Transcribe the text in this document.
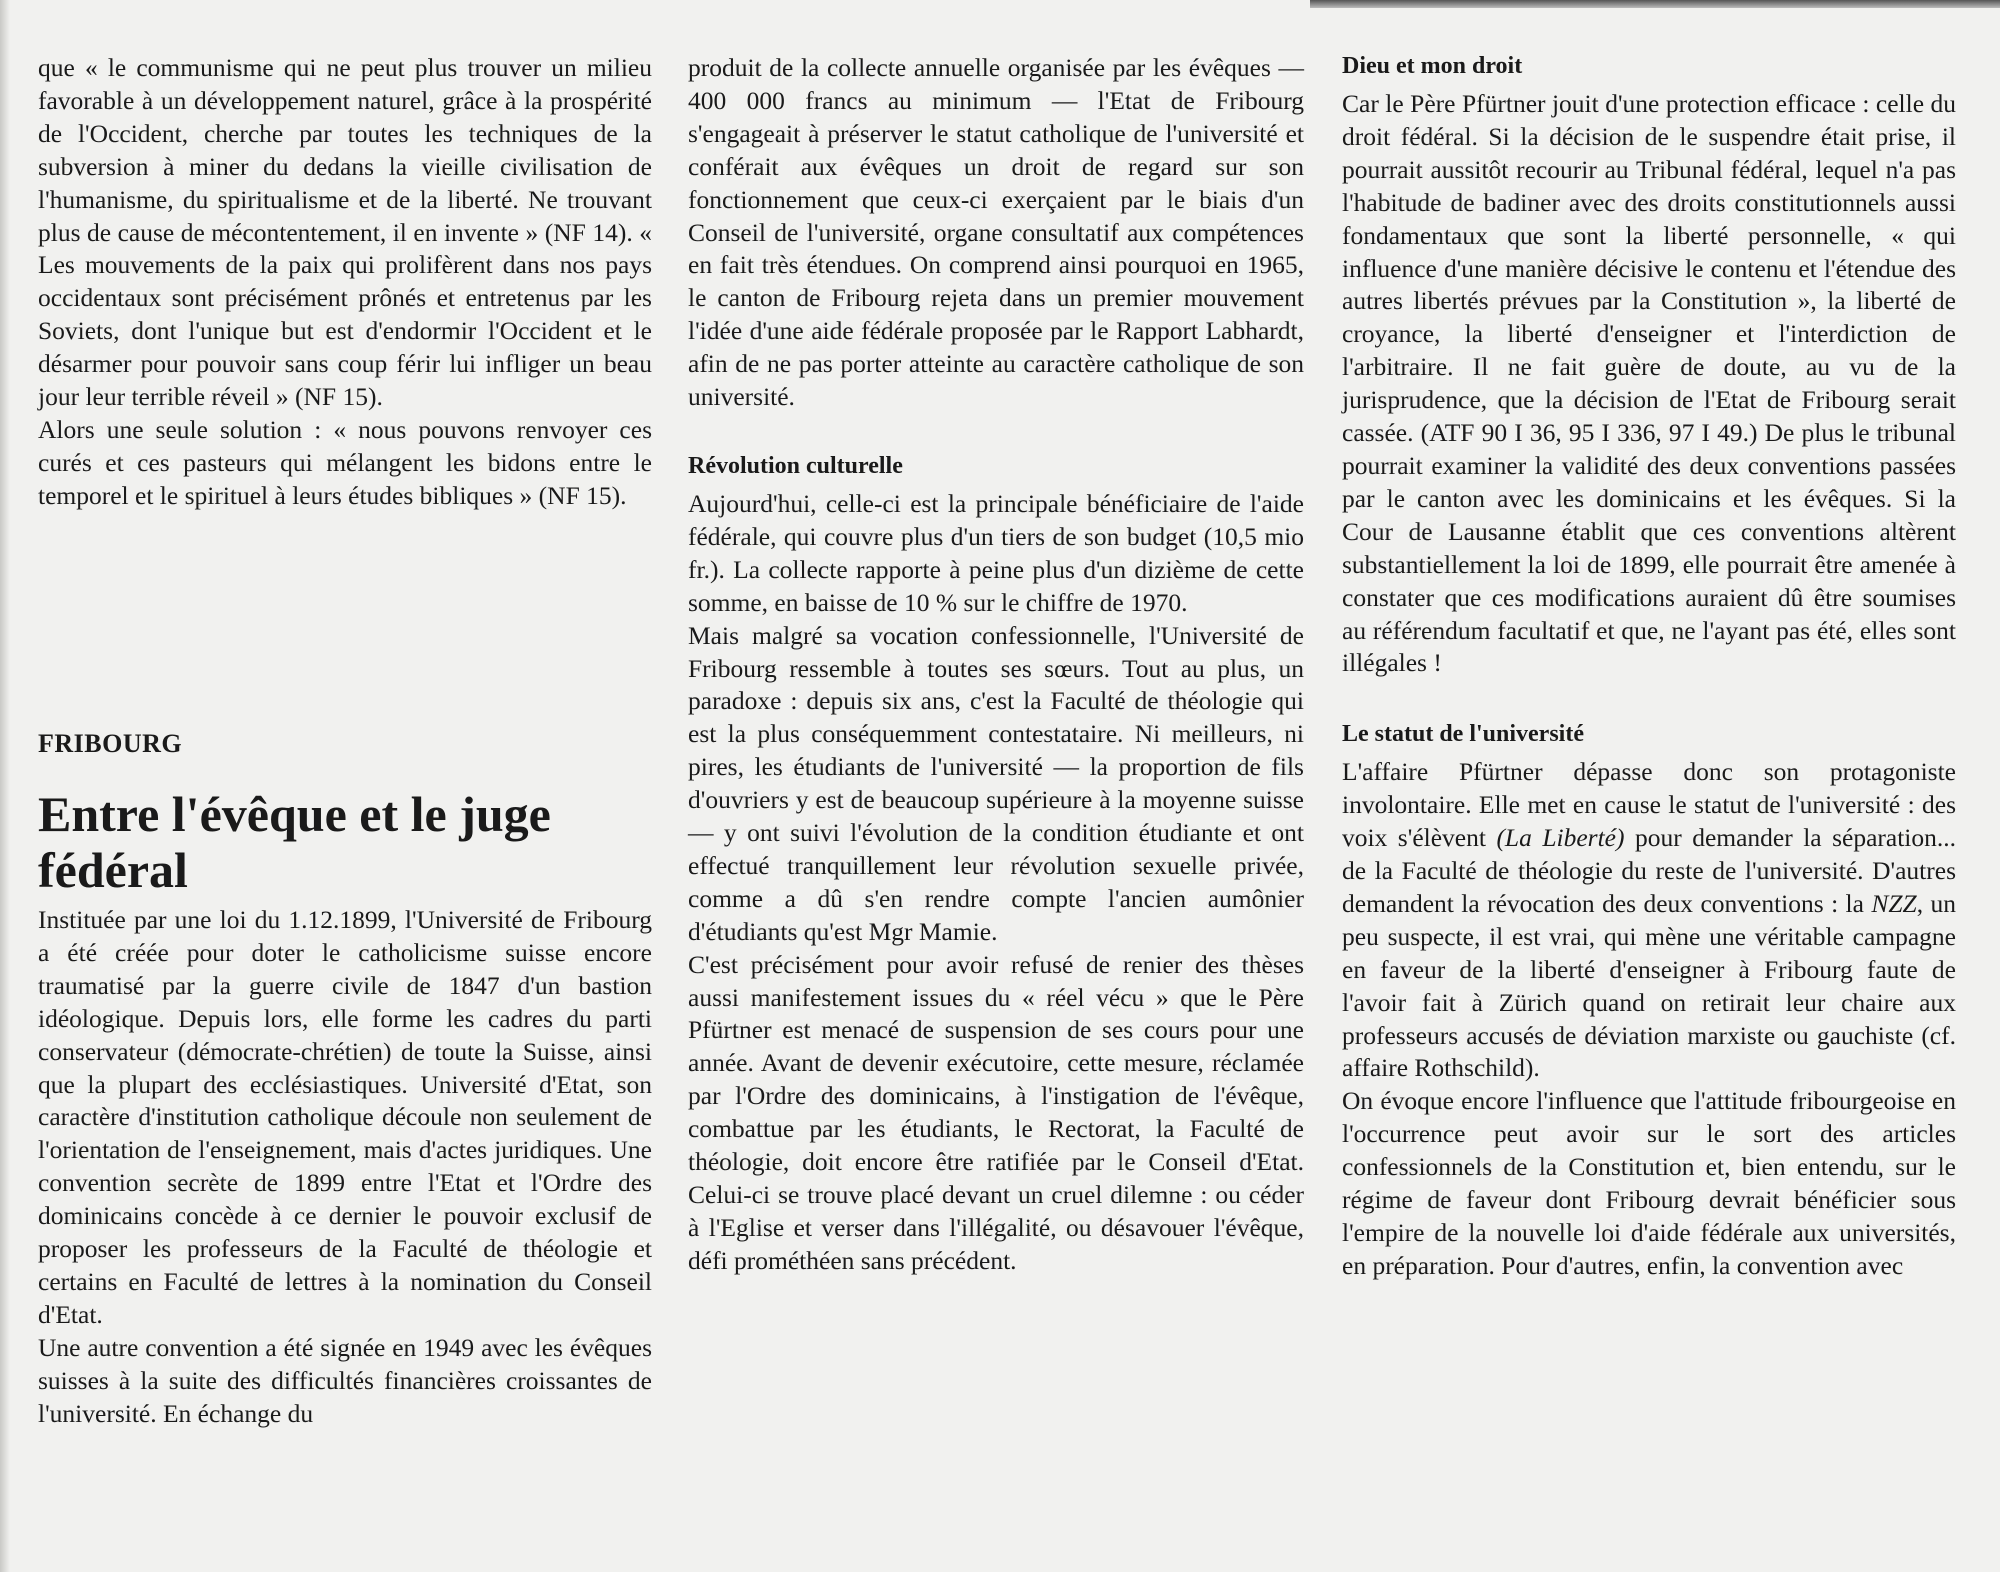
que « le communisme qui ne peut plus trouver un milieu favorable à un développement naturel, grâce à la prospérité de l'Occident, cherche par toutes les techniques de la subversion à miner du dedans la vieille civilisation de l'humanisme, du spiritualisme et de la liberté. Ne trouvant plus de cause de mécontentement, il en invente » (NF 14). « Les mouvements de la paix qui prolifèrent dans nos pays occidentaux sont précisément prônés et entretenus par les Soviets, dont l'unique but est d'endormir l'Occident et le désarmer pour pouvoir sans coup férir lui infliger un beau jour leur terrible réveil » (NF 15).

Alors une seule solution : « nous pouvons renvoyer ces curés et ces pasteurs qui mélangent les bidons entre le temporel et le spirituel à leurs études bibliques » (NF 15).

FRIBOURG
Entre l'évêque et le juge fédéral

Instituée par une loi du 1.12.1899, l'Université de Fribourg a été créée pour doter le catholicisme suisse encore traumatisé par la guerre civile de 1847 d'un bastion idéologique. Depuis lors, elle forme les cadres du parti conservateur (démocrate-chrétien) de toute la Suisse, ainsi que la plupart des ecclésiastiques. Université d'Etat, son caractère d'institution catholique découle non seulement de l'orientation de l'enseignement, mais d'actes juridiques. Une convention secrète de 1899 entre l'Etat et l'Ordre des dominicains concède à ce dernier le pouvoir exclusif de proposer les professeurs de la Faculté de théologie et certains en Faculté de lettres à la nomination du Conseil d'Etat.

Une autre convention a été signée en 1949 avec les évêques suisses à la suite des difficultés financières croissantes de l'université. En échange du

produit de la collecte annuelle organisée par les évêques — 400 000 francs au minimum — l'Etat de Fribourg s'engageait à préserver le statut catholique de l'université et conférait aux évêques un droit de regard sur son fonctionnement que ceux-ci exerçaient par le biais d'un Conseil de l'université, organe consultatif aux compétences en fait très étendues. On comprend ainsi pourquoi en 1965, le canton de Fribourg rejeta dans un premier mouvement l'idée d'une aide fédérale proposée par le Rapport Labhardt, afin de ne pas porter atteinte au caractère catholique de son université.

Révolution culturelle

Aujourd'hui, celle-ci est la principale bénéficiaire de l'aide fédérale, qui couvre plus d'un tiers de son budget (10,5 mio fr.). La collecte rapporte à peine plus d'un dizième de cette somme, en baisse de 10 % sur le chiffre de 1970.

Mais malgré sa vocation confessionnelle, l'Université de Fribourg ressemble à toutes ses sœurs. Tout au plus, un paradoxe : depuis six ans, c'est la Faculté de théologie qui est la plus conséquemment contestataire. Ni meilleurs, ni pires, les étudiants de l'université — la proportion de fils d'ouvriers y est de beaucoup supérieure à la moyenne suisse — y ont suivi l'évolution de la condition étudiante et ont effectué tranquillement leur révolution sexuelle privée, comme a dû s'en rendre compte l'ancien aumônier d'étudiants qu'est Mgr Mamie.

C'est précisément pour avoir refusé de renier des thèses aussi manifestement issues du « réel vécu » que le Père Pfürtner est menacé de suspension de ses cours pour une année. Avant de devenir exécutoire, cette mesure, réclamée par l'Ordre des dominicains, à l'instigation de l'évêque, combattue par les étudiants, le Rectorat, la Faculté de théologie, doit encore être ratifiée par le Conseil d'Etat. Celui-ci se trouve placé devant un cruel dilemne : ou céder à l'Eglise et verser dans l'illégalité, ou désavouer l'évêque, défi prométhéen sans précédent.

Dieu et mon droit

Car le Père Pfürtner jouit d'une protection efficace : celle du droit fédéral. Si la décision de le suspendre était prise, il pourrait aussitôt recourir au Tribunal fédéral, lequel n'a pas l'habitude de badiner avec des droits constitutionnels aussi fondamentaux que sont la liberté personnelle, « qui influence d'une manière décisive le contenu et l'étendue des autres libertés prévues par la Constitution », la liberté de croyance, la liberté d'enseigner et l'interdiction de l'arbitraire. Il ne fait guère de doute, au vu de la jurisprudence, que la décision de l'Etat de Fribourg serait cassée. (ATF 90 I 36, 95 I 336, 97 I 49.) De plus le tribunal pourrait examiner la validité des deux conventions passées par le canton avec les dominicains et les évêques. Si la Cour de Lausanne établit que ces conventions altèrent substantiellement la loi de 1899, elle pourrait être amenée à constater que ces modifications auraient dû être soumises au référendum facultatif et que, ne l'ayant pas été, elles sont illégales !

Le statut de l'université

L'affaire Pfürtner dépasse donc son protagoniste involontaire. Elle met en cause le statut de l'université : des voix s'élèvent (La Liberté) pour demander la séparation... de la Faculté de théologie du reste de l'université. D'autres demandent la révocation des deux conventions : la NZZ, un peu suspecte, il est vrai, qui mène une véritable campagne en faveur de la liberté d'enseigner à Fribourg faute de l'avoir fait à Zürich quand on retirait leur chaire aux professeurs accusés de déviation marxiste ou gauchiste (cf. affaire Rothschild).

On évoque encore l'influence que l'attitude fribourgeoise en l'occurrence peut avoir sur le sort des articles confessionnels de la Constitution et, bien entendu, sur le régime de faveur dont Fribourg devrait bénéficier sous l'empire de la nouvelle loi d'aide fédérale aux universités, en préparation. Pour d'autres, enfin, la convention avec
